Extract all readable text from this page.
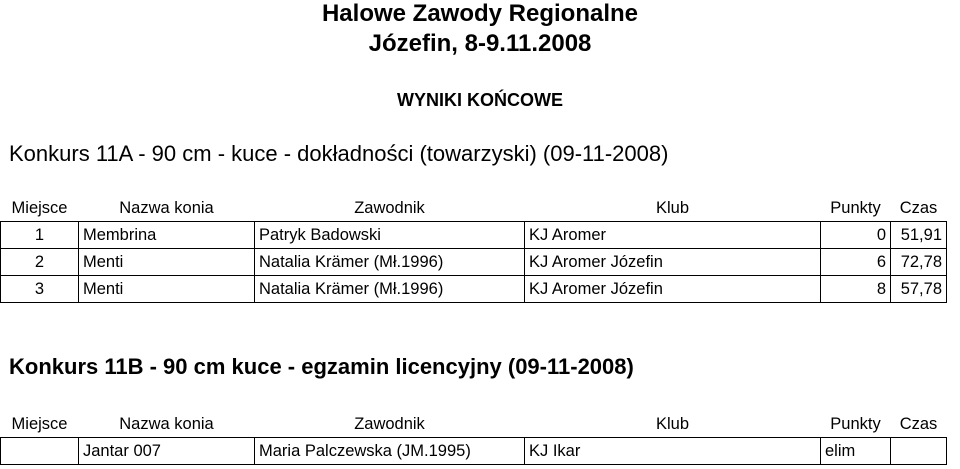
Halowe Zawody Regionalne
Józefin, 8-9.11.2008
WYNIKI KOŃCOWE
Konkurs 11A - 90 cm - kuce - dokładności (towarzyski) (09-11-2008)
Miejsce	Nazwa konia	Zawodnik	Klub	Punkty	Czas
1	Membrina	Patryk Badowski	KJ Aromer	0	51,91
2	Menti	Natalia Krämer (Mł.1996)	KJ Aromer Józefin	6	72,78
3	Menti	Natalia Krämer (Mł.1996)	KJ Aromer Józefin	8	57,78
Konkurs 11B - 90 cm kuce - egzamin licencyjny (09-11-2008)
Miejsce	Nazwa konia	Zawodnik	Klub	Punkty	Czas
	Jantar 007	Maria Palczewska (JM.1995)	KJ Ikar	elim	
